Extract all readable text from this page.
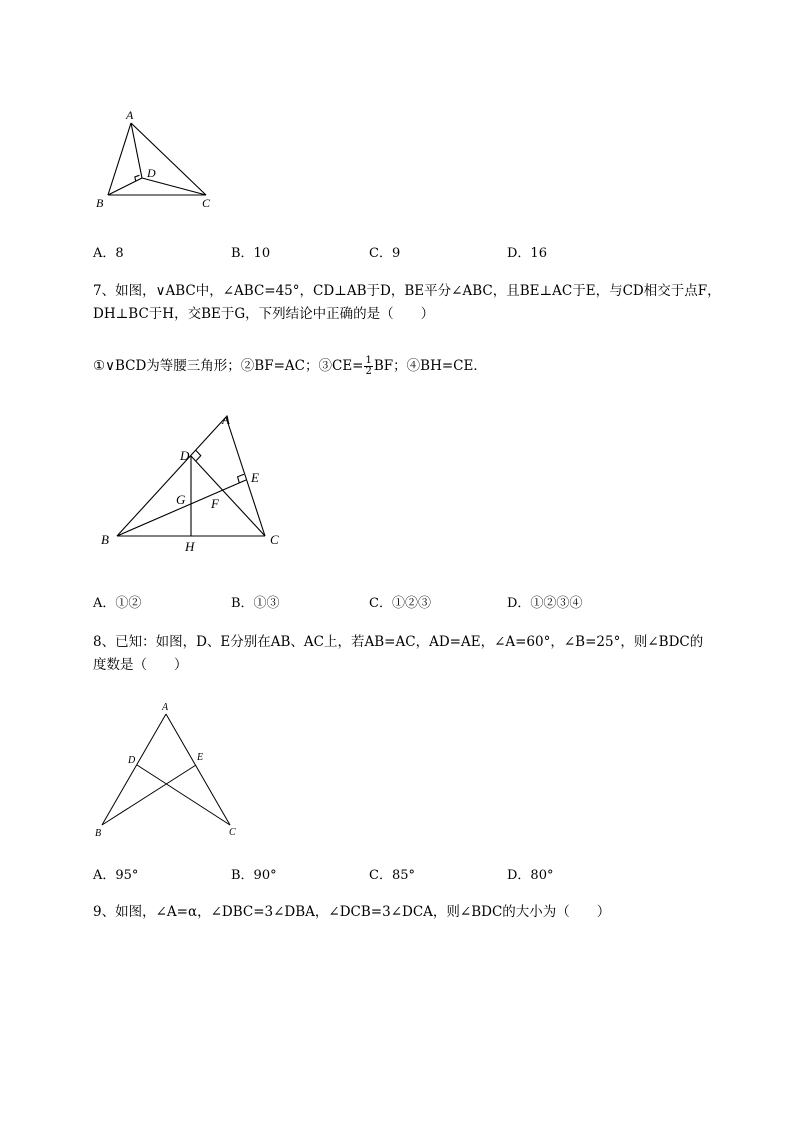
A
D
B	C
A．8	B．10	C．9	D．16
7、如图，∨ABC中，∠ABC=45°，CD⊥AB于D，BE平分∠ABC，且BE⊥AC于E，与CD相交于点F，
DH⊥BC于H，交BE于G，下列结论中正确的是（　　）
①∨BCD为等腰三角形；②BF=AC；③CE= $\frac{1}{2}$ BF；④BH=CE．
A
D
E
G F
B	H	C
A．①②	B．①③	C．①②③	D．①②③④
8、已知：如图，D、E分别在AB、AC上，若AB=AC，AD=AE，∠A=60°，∠B=25°，则∠BDC的
度数是（　　）
A
D	E
B	C
A．95°	B．90°	C．85°	D．80°
9、如图，∠A=α，∠DBC=3∠DBA，∠DCB=3∠DCA，则∠BDC的大小为（　　）
